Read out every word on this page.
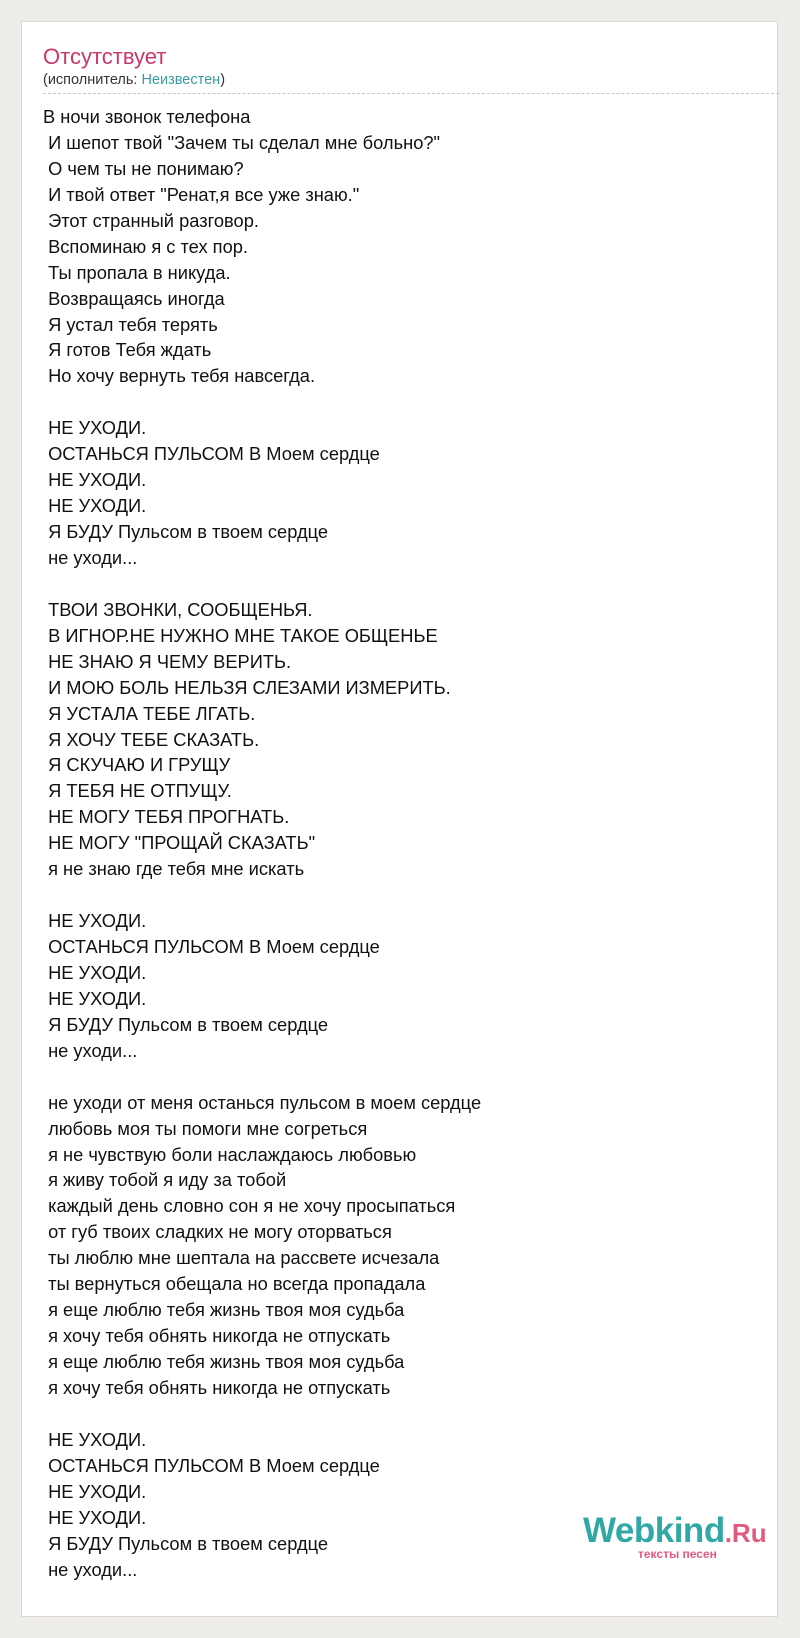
Отсутствует
(исполнитель: Неизвестен)
В ночи звонок телефона
И шепот твой "Зачем ты сделал мне больно?"
О чем ты не понимаю?
И твой ответ "Ренат,я все уже знаю."
Этот странный разговор.
Вспоминаю я с тех пор.
Ты пропала в никуда.
Возвращаясь иногда
Я устал тебя терять
Я готов Тебя ждать
Но хочу вернуть тебя навсегда.
НЕ УХОДИ.
ОСТАНЬСЯ ПУЛЬСОМ В Моем сердце
НЕ УХОДИ.
НЕ УХОДИ.
Я БУДУ Пульсом в твоем сердце
не уходи...
ТВОИ ЗВОНКИ, СООБЩЕНЬЯ.
В ИГНОР.НЕ НУЖНО МНЕ ТАКОЕ ОБЩЕНЬЕ
НЕ ЗНАЮ Я ЧЕМУ ВЕРИТЬ.
И МОЮ БОЛЬ НЕЛЬЗЯ СЛЕЗАМИ ИЗМЕРИТЬ.
Я УСТАЛА ТЕБЕ ЛГАТЬ.
Я ХОЧУ ТЕБЕ СКАЗАТЬ.
Я СКУЧАЮ И ГРУЩУ
Я ТЕБЯ НЕ ОТПУЩУ.
НЕ МОГУ ТЕБЯ ПРОГНАТЬ.
НЕ МОГУ "ПРОЩАЙ СКАЗАТЬ"
я не знаю где тебя мне искать
НЕ УХОДИ.
ОСТАНЬСЯ ПУЛЬСОМ В Моем сердце
НЕ УХОДИ.
НЕ УХОДИ.
Я БУДУ Пульсом в твоем сердце
не уходи...
не уходи от меня останься пульсом в моем сердце
любовь моя ты помоги мне согреться
я не чувствую боли наслаждаюсь любовью
я живу тобой я иду за тобой
каждый день словно сон я не хочу просыпаться
от губ твоих сладких не могу оторваться
ты люблю мне шептала на рассвете исчезала
ты вернуться обещала но всегда пропадала
я еще люблю тебя жизнь твоя моя судьба
я хочу тебя обнять никогда не отпускать
я еще люблю тебя жизнь твоя моя судьба
я хочу тебя обнять никогда не отпускать
НЕ УХОДИ.
ОСТАНЬСЯ ПУЛЬСОМ В Моем сердце
НЕ УХОДИ.
НЕ УХОДИ.
Я БУДУ Пульсом в твоем сердце
не уходи...
Webkind.Ru
тексты песен
